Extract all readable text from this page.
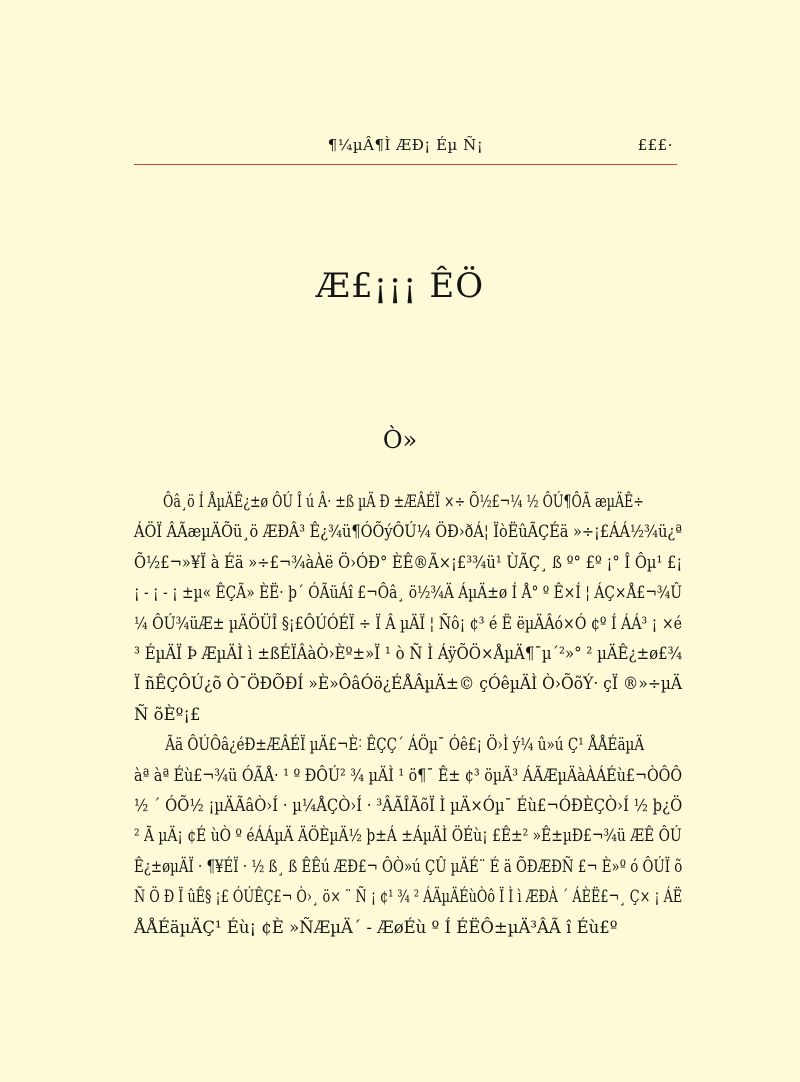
¶¼µÂ¶Ì ÆÐ¡ Éµ Ñ¡	£££·
Æ£¡¡¡ ÊÖ
Ò»

Ôâ¸ö Í ÅµÄÊ¿±ø ÔÚ Î ú Â· ±ß µÄ Ð ±ÆÂÉÏ ×÷ Õ½£¬¼ ½ ÔÚ¶ÔÃ æµÄÊ÷
ÁÖÏ ÂÃæµÄÕü¸ö ÆÐÂ³ Ê¿¾ü¶ÓÕýÔÚ¼ ÖÐ›ðÁ¦ ÏòËûÃÇÉä »÷¡£ÁÁ½¾ü¿ª
Õ½£¬»¥Ï à Éä »÷£¬¾àÀë Ö›ÓÐ° ÈÊ®Ã×¡£³¾ü¹ ÙÃÇ¸ ß º° £º ¡° Î Ôµ¹ £¡
¡ - ¡ - ¡ ±µ« ÊÇÃ» ÈË· þ´ ÓÃüÁî £¬Ôâ¸ ö½¾Ä ÁµÄ±ø Í Å° º Ê×Í ¦ ÁÇ×Å£¬¾Û
¼ ÔÚ¾üÆ± µÄÖÜÎ §¡£ÔÚÓÉÏ ÷ Ï Â µÄÏ ¦ Ñô¡ ¢³ é Ë ëµÄÂó×Ó ¢º Í ÁÁ³ ¡ ×é
³ ÉµÄÏ Þ ÆµÄÌ ì ±ßÉÏÂàÒ›Èº±»Ï ¹ ò Ñ Ì ÁÿÕÖ×ÅµÄ¶¯µ´²»° ² µÄÊ¿±ø£¾
Ï ñÊÇÔÚ¿õ Ò¯ÖÐÕÐÍ »È»ÔâÓö¿ÉÅÂµÄ±© çÓêµÄÌ Ò›ÕõÝ· çÏ ®»÷µÄ
Ñ õÈº¡£

Ãä ÔÚÔâ¿éÐ±ÆÂÉÏ µÄ£¬È˸ ÊÇÇ´ ÁÖµ¯ Óê£¡ Ö›Ì ý¼ û»ú Ç¹ ÅÅÉäµÄ
àª àª Éù£¬¾ü ÓÃÅ· ¹ º ÐÔÚ² ¾ µÄÌ ¹ ö¶¯ Ê± ¢³ öµÄ³ ÁÃÆµÄàÀÁÉù£¬ÒÔÔ
½ ´ ÓÕ½ ¡µÄÃâÒ›Í · µ¼ÅÇÒ›Í · ³ÂÃÎÃõÏ Ì µÄ×Óµ¯ Éù£¬ÓÐÈÇÒ›Í ½ þ¿Ö
² Ã µÄ¡ ¢É ùÒ º éÁÁµÄ ÄÖÈµÄ½ þ±Á ±ÁµÄÌ ÖÉù¡ £Ê±² »Ê±µÐ£¬¾ü ÆÊ ÔÚ
Ê¿±øµÄÏ · ¶¥ÉÏ · ½ ß¸ ß ÊÊú ÆÐ£¬ ÔÒ»ú ÇÛ µÄÉ¨ É ä ÕÐÆÐÑ £¬ È»º ó ÔÚÏ õ
Ñ Ö Ð Ï ûÊ§ ¡£ ÓÚÊÇ£¬ Ò›¸ ö× ¨ Ñ ¡ ¢¹ ¾ ² ÁÄµÄÉùÒô Ï Ì ì ÆÐÀ ´ ÁÈË£¬¸ Ç× ¡ ÁË
ÅÅÉäµÄÇ¹ Éù¡ ¢È »ÑÆµÄ´ - ÆøÉù º Í ÉËÔ±µÄ³ÂÃ î Éù£º
